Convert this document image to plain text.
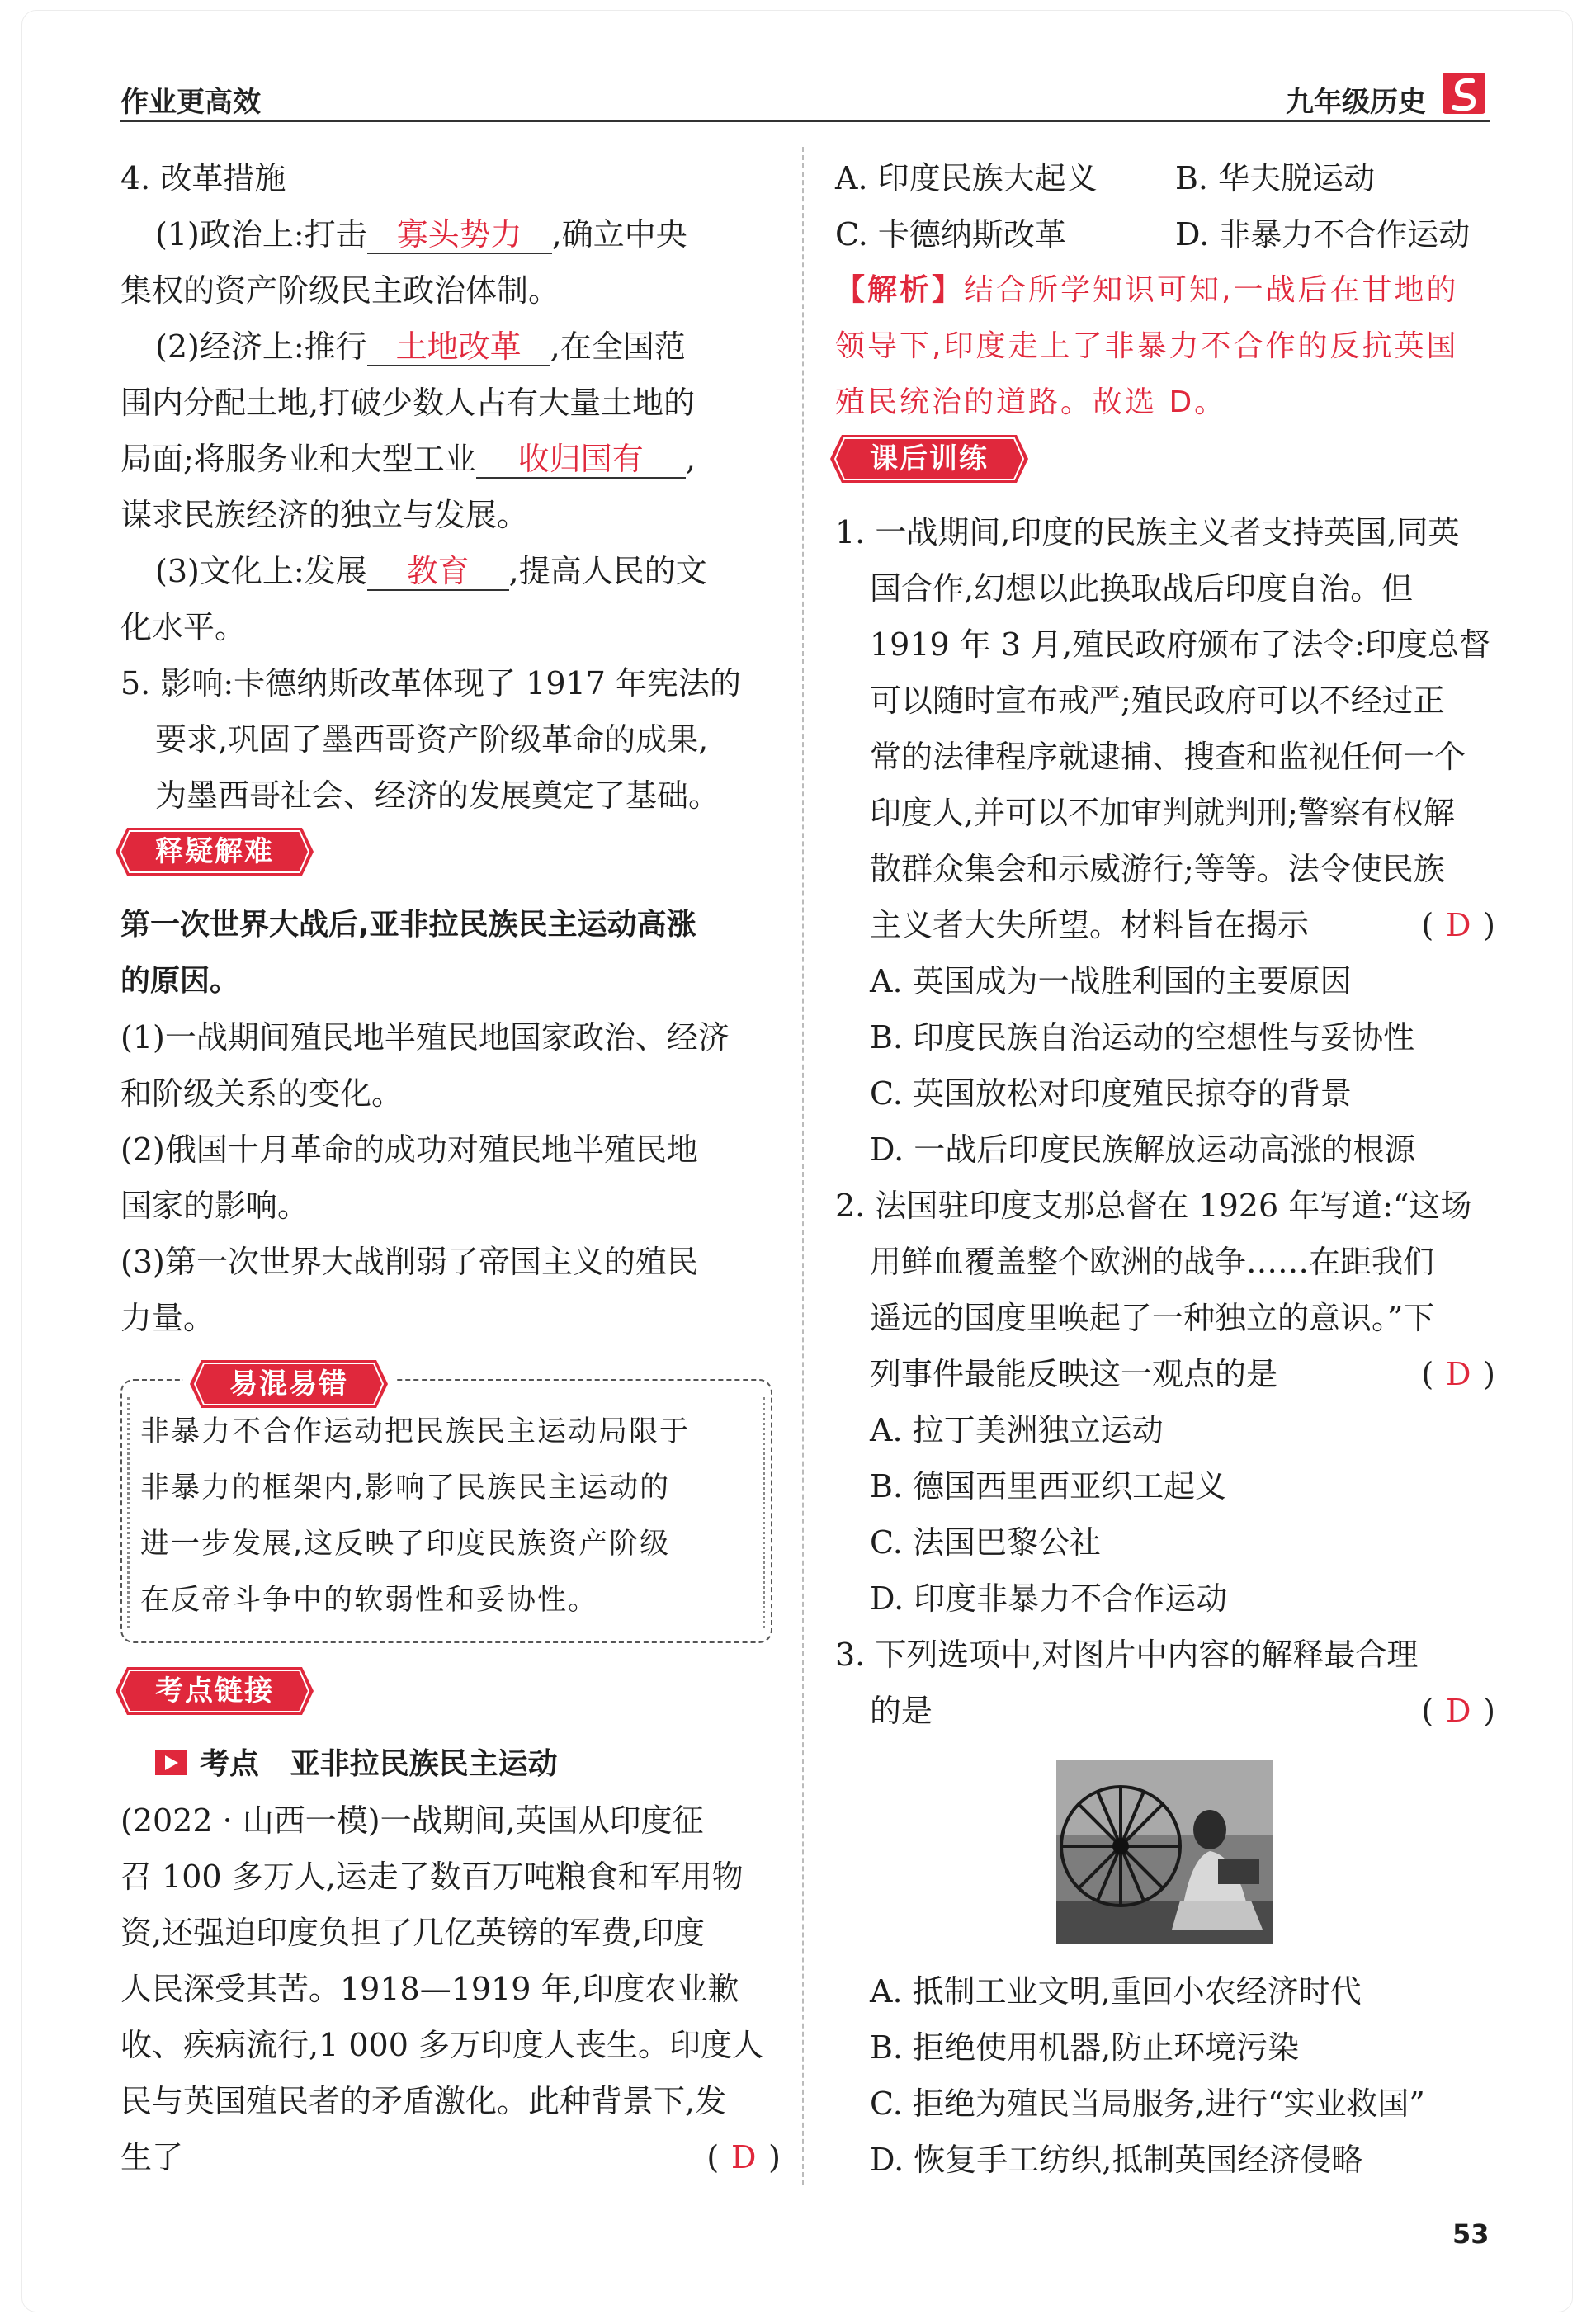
作业更高效	九年级历史
4. 改革措施
(1)政治上:打击 寡头势力 ,确立中央
集权的资产阶级民主政治体制。
(2)经济上:推行 土地改革 ,在全国范
围内分配土地,打破少数人占有大量土地的
局面;将服务业和大型工业 收归国有 ,
谋求民族经济的独立与发展。
(3)文化上:发展 教育 ,提高人民的文
化水平。
5. 影响:卡德纳斯改革体现了 1917 年宪法的
要求,巩固了墨西哥资产阶级革命的成果,
为墨西哥社会、经济的发展奠定了基础。
释疑解难
第一次世界大战后,亚非拉民族民主运动高涨
的原因。
(1)一战期间殖民地半殖民地国家政治、经济
和阶级关系的变化。
(2)俄国十月革命的成功对殖民地半殖民地
国家的影响。
(3)第一次世界大战削弱了帝国主义的殖民
力量。
易混易错
非暴力不合作运动把民族民主运动局限于
非暴力的框架内,影响了民族民主运动的
进一步发展,这反映了印度民族资产阶级
在反帝斗争中的软弱性和妥协性。
考点链接
考点 亚非拉民族民主运动
(2022 · 山西一模)一战期间,英国从印度征
召 100 多万人,运走了数百万吨粮食和军用物
资,还强迫印度负担了几亿英镑的军费,印度
人民深受其苦。1918—1919 年,印度农业歉
收、疾病流行,1 000 多万印度人丧生。印度人
民与英国殖民者的矛盾激化。此种背景下,发
生了	( D )
A. 印度民族大起义 B. 华夫脱运动
C. 卡德纳斯改革	D. 非暴力不合作运动
【解析】结合所学知识可知,一战后在甘地的
领导下,印度走上了非暴力不合作的反抗英国
殖民统治的道路。故选 D。
课后训练
1. 一战期间,印度的民族主义者支持英国,同英
国合作,幻想以此换取战后印度自治。但
1919 年 3 月,殖民政府颁布了法令:印度总督
可以随时宣布戒严;殖民政府可以不经过正
常的法律程序就逮捕、搜查和监视任何一个
印度人,并可以不加审判就判刑;警察有权解
散群众集会和示威游行;等等。法令使民族
主义者大失所望。材料旨在揭示	( D )
A. 英国成为一战胜利国的主要原因
B. 印度民族自治运动的空想性与妥协性
C. 英国放松对印度殖民掠夺的背景
D. 一战后印度民族解放运动高涨的根源
2. 法国驻印度支那总督在 1926 年写道:“这场
用鲜血覆盖整个欧洲的战争……在距我们
遥远的国度里唤起了一种独立的意识。”下
列事件最能反映这一观点的是	( D )
A. 拉丁美洲独立运动
B. 德国西里西亚织工起义
C. 法国巴黎公社
D. 印度非暴力不合作运动
3. 下列选项中,对图片中内容的解释最合理
的是	( D )
A. 抵制工业文明,重回小农经济时代
B. 拒绝使用机器,防止环境污染
C. 拒绝为殖民当局服务,进行“实业救国”
D. 恢复手工纺织,抵制英国经济侵略
53
